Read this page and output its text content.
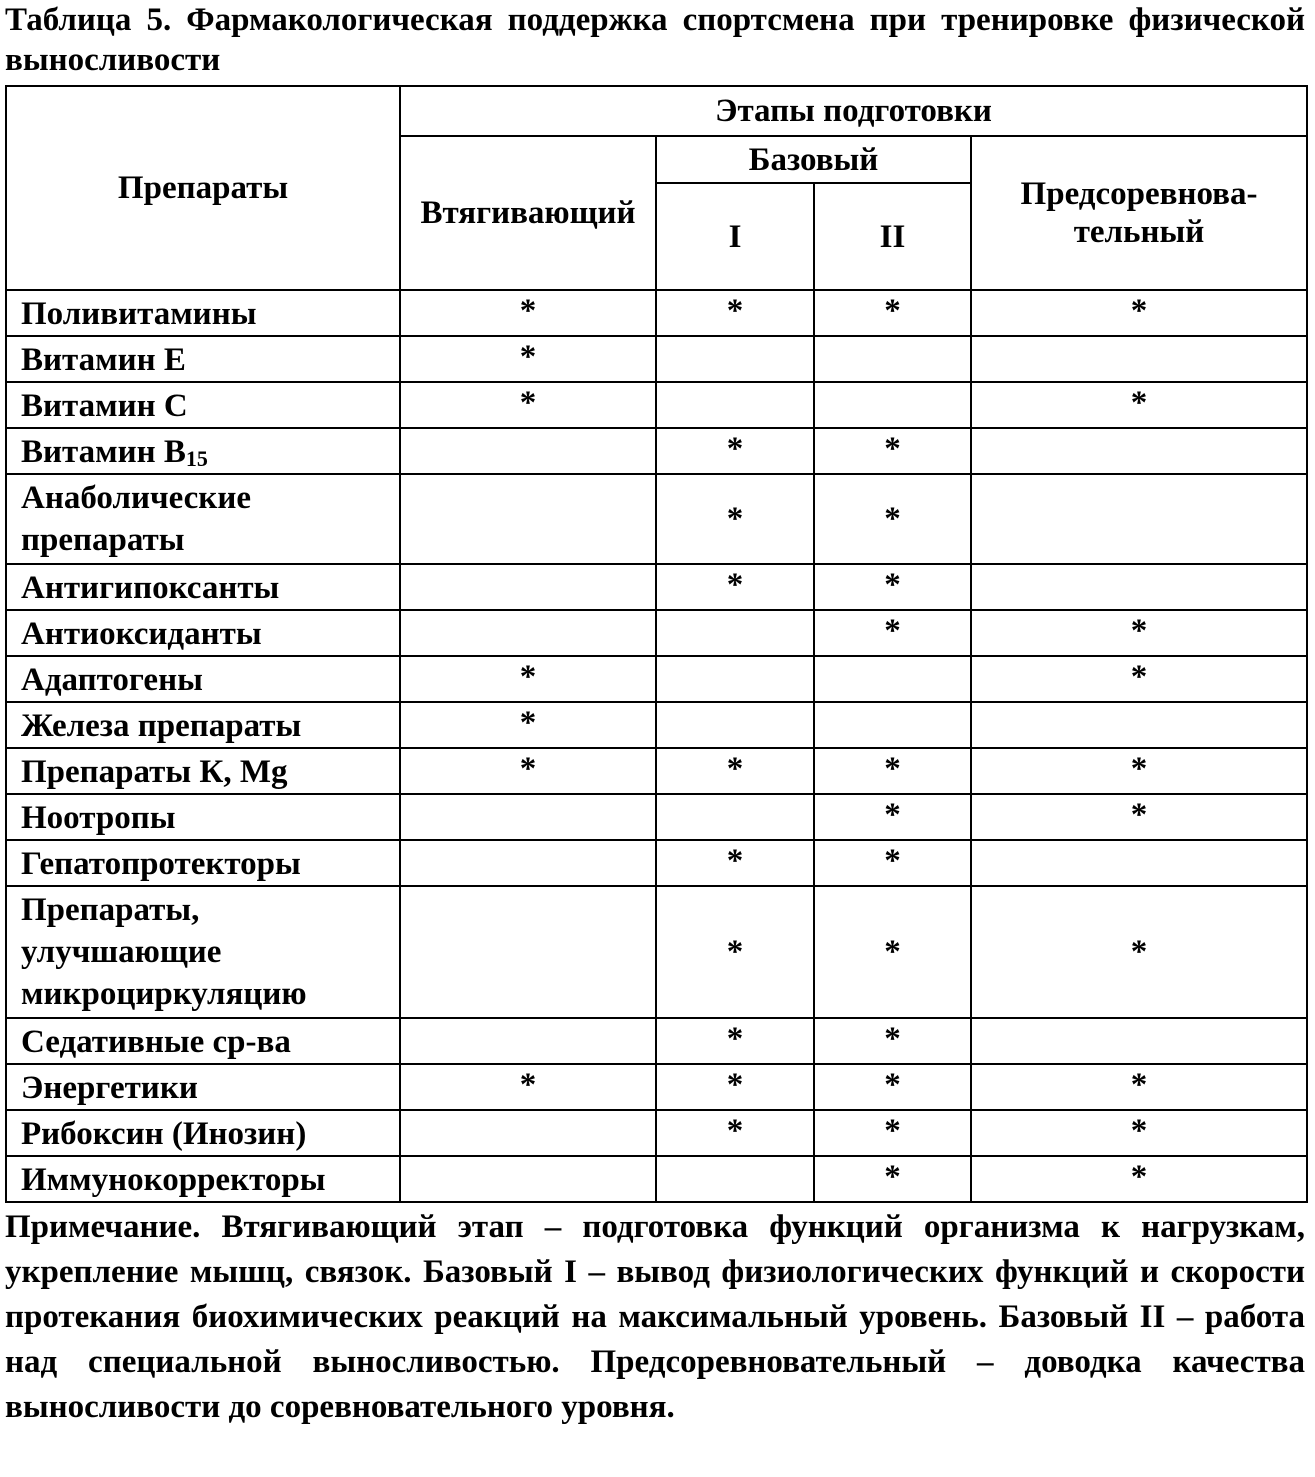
Таблица 5. Фармакологическая поддержка спортсмена при тренировке физической выносливости
Препараты	Этапы подготовки			
	Втягивающий	Базовый		Предсоревнова-тельный
		I	II	
Поливитамины	*	*	*	*
Витамин Е	*			
Витамин С	*			*
Витамин $В_{15}$		*	*	
Анаболические препараты		*	*	
Антигипоксанты		*	*	
Антиоксиданты			*	*
Адаптогены	*			*
Железа препараты	*			
Препараты К, Mg	*	*	*	*
Ноотропы			*	*
Гепатопротекторы		*	*	
Препараты, улучшающие микроциркуляцию		*	*	*
Седативные ср-ва		*	*	
Энергетики	*	*	*	*
Рибоксин (Инозин)		*	*	*
Иммунокорректоры			*	*
Примечание. Втягивающий этап – подготовка функций организма к нагрузкам, укрепление мышц, связок. Базовый I – вывод физиологических функций и скорости протекания биохимических реакций на максимальный уровень. Базовый II – работа над специальной выносливостью. Предсоревновательный – доводка качества выносливости до соревновательного уровня.
